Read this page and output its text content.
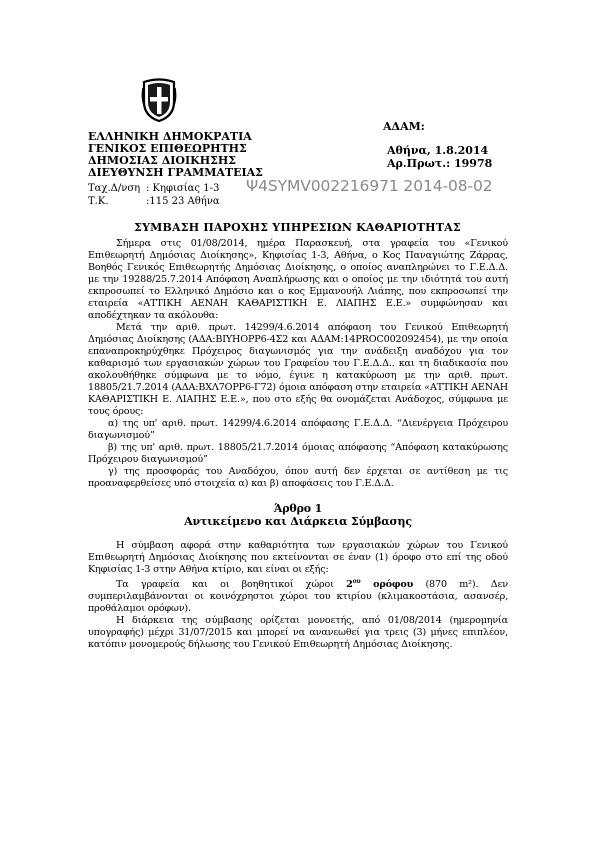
ΑΔΑΜ:
ΕΛΛΗΝΙΚΗ ΔΗΜΟΚΡΑΤΙΑ
ΓΕΝΙΚΟΣ ΕΠΙΘΕΩΡΗΤΗΣ
ΔΗΜΟΣΙΑΣ ΔΙΟΙΚΗΣΗΣ
ΔΙΕΥΘΥΝΣΗ ΓΡΑΜΜΑΤΕΙΑΣ
Αθήνα, 1.8.2014
Αρ.Πρωτ.: 19978
Ταχ.Δ/νση : Κηφισίας 1-3
Τ.Κ.	:115 23 Αθήνα
Ψ4SYMV002216971 2014-08-02
ΣΥΜΒΑΣΗ ΠΑΡΟΧΗΣ ΥΠΗΡΕΣΙΩΝ ΚΑΘΑΡΙΟΤΗΤΑΣ

Σήμερα στις 01/08/2014, ημέρα Παρασκευή, στα γραφεία του «Γενικού Επιθεωρητή Δημόσιας Διοίκησης», Κηφισίας 1-3, Αθήνα, ο Κος Παναγιώτης Ζάρρας, Βοηθός Γενικός Επιθεωρητής Δημόσιας Διοίκησης, ο οποίος αναπληρώνει το Γ.Ε.Δ.Δ. με την 19288/25.7.2014 Απόφαση Αναπλήρωσης και ο οποίος με την ιδιότητά του αυτή εκπροσωπεί το Ελληνικό Δημόσιο και ο κος Εμμανουήλ Λιάπης, που εκπροσωπεί την εταιρεία «ΑΤΤΙΚΗ ΑΕΝΑΗ ΚΑΘΑΡΙΣΤΙΚΗ Ε. ΛΙΑΠΗΣ Ε.Ε.» συμφώνησαν και αποδέχτηκαν τα ακόλουθα:

Μετά την αριθ. πρωτ. 14299/4.6.2014 απόφαση του Γενικού Επιθεωρητή Δημόσιας Διοίκησης (ΑΔΑ:ΒΙΥΗΟΡΡ6-4Σ2 και ΑΔΑΜ:14PROC002092454), με την οποία επαναπροκηρύχθηκε Πρόχειρος διαγωνισμός για την ανάδειξη αναδόχου για τον καθαρισμό των εργασιακών χώρων του Γραφείου του Γ.Ε.Δ.Δ.. και τη διαδικασία που ακολουθήθηκε σύμφωνα με το νόμο, έγινε η κατακύρωση με την αριθ. πρωτ. 18805/21.7.2014 (ΑΔΑ:ΒΧΛ7ΟΡΡ6-Γ72) όμοια απόφαση στην εταιρεία «ΑΤΤΙΚΗ ΑΕΝΑΗ ΚΑΘΑΡΙΣΤΙΚΗ Ε. ΛΙΑΠΗΣ Ε.Ε.», που στο εξής θα ονομάζεται Ανάδοχος, σύμφωνα με τους όρους:

α) της υπ' αριθ. πρωτ. 14299/4.6.2014 απόφασης Γ.Ε.Δ.Δ. “Διενέργεια Πρόχειρου διαγωνισμού”

β) της υπ' αριθ. πρωτ. 18805/21.7.2014 όμοιας απόφασης “Απόφαση κατακύρωσης Πρόχειρου διαγωνισμού”

γ) της προσφοράς του Αναδόχου, όπου αυτή δεν έρχεται σε αντίθεση με τις προαναφερθείσες υπό στοιχεία α) και β) αποφάσεις του Γ.Ε.Δ.Δ.

Άρθρο 1

Αντικείμενο και Διάρκεια Σύμβασης

Η σύμβαση αφορά στην καθαριότητα των εργασιακών χώρων του Γενικού Επιθεωρητή Δημόσιας Διοίκησης που εκτείνονται σε έναν (1) όροφο στο επί της οδού Κηφισίας 1-3 στην Αθήνα κτίριο, και είναι οι εξής:

Τα γραφεία και οι βοηθητικοί χώροι $2^{o\upsilon}$ ορόφου (870 m²). Δεν συμπεριλαμβάνονται οι κοινόχρηστοι χώροι του κτιρίου (κλιμακοστάσια, ασανσέρ, προθάλαμοι ορόφων).

Η διάρκεια της σύμβασης ορίζεται μονοετής, από 01/08/2014 (ημερομηνία υπογραφής) μέχρι 31/07/2015 και μπορεί να ανανεωθεί για τρεις (3) μήνες επιπλέον, κατόπιν μονομερούς δήλωσης του Γενικού Επιθεωρητή Δημόσιας Διοίκησης.
